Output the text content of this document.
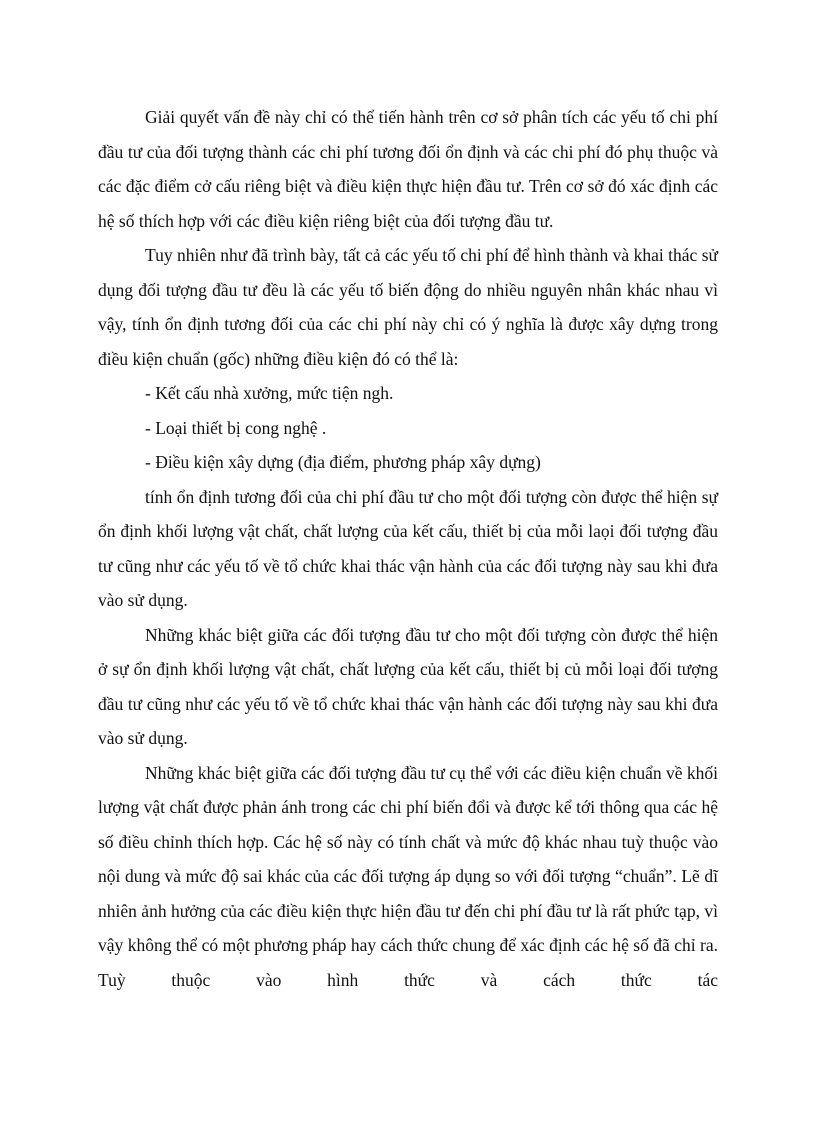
Giải quyết vấn đề này chỉ có thể tiến hành trên cơ sở phân tích các yếu tố chi phí đầu tư của đối tượng thành các chi phí tương đối ổn định và các chi phí đó phụ thuộc và các đặc điểm cở cấu riêng biệt và điều kiện thực hiện đầu tư. Trên cơ sở đó xác định các hệ số thích hợp với các điều kiện riêng biệt của đối tượng đầu tư.

Tuy nhiên như đã trình bày, tất cả các yếu tố chi phí để hình thành và khai thác sử dụng đối tượng đầu tư đều là các yếu tố biến động do nhiều nguyên nhân khác nhau vì vậy, tính ổn định tương đối của các chi phí này chỉ có ý nghĩa là được xây dựng trong điều kiện chuẩn (gốc) những điều kiện đó có thể là:

- Kết cấu nhà xưởng, mức tiện ngh.

- Loại thiết bị cong nghệ .

- Điều kiện xây dựng (địa điểm, phương pháp xây dựng)

tính ổn định tương đối của chi phí đầu tư cho một đối tượng còn được thể hiện sự ổn định khối lượng vật chất, chất lượng của kết cấu, thiết bị của mỗi laọi đối tượng đầu tư cũng như các yếu tố về tổ chức khai thác vận hành của các đối tượng này sau khi đưa vào sử dụng.

Những khác biệt giữa các đối tượng đầu tư cho một đối tượng còn được thể hiện ở sự ổn định khối lượng vật chất, chất lượng của kết cấu, thiết bị củ mỗi loại đối tượng đầu tư cũng như các yếu tố về tổ chức khai thác vận hành các đối tượng này sau khi đưa vào sử dụng.

Những khác biệt giữa các đối tượng đầu tư cụ thể với các điều kiện chuẩn về khối lượng vật chất được phản ánh trong các chi phí biến đổi và được kể tới thông qua các hệ số điều chỉnh thích hợp. Các hệ số này có tính chất và mức độ khác nhau tuỳ thuộc vào nội dung và mức độ sai khác của các đối tượng áp dụng so với đối tượng “chuẩn”. Lẽ dĩ nhiên ảnh hưởng của các điều kiện thực hiện đầu tư đến chi phí đầu tư là rất phức tạp, vì vậy không thể có một phương pháp hay cách thức chung để xác định các hệ số đã chỉ ra. Tuỳ thuộc vào hình thức và cách thức tác
